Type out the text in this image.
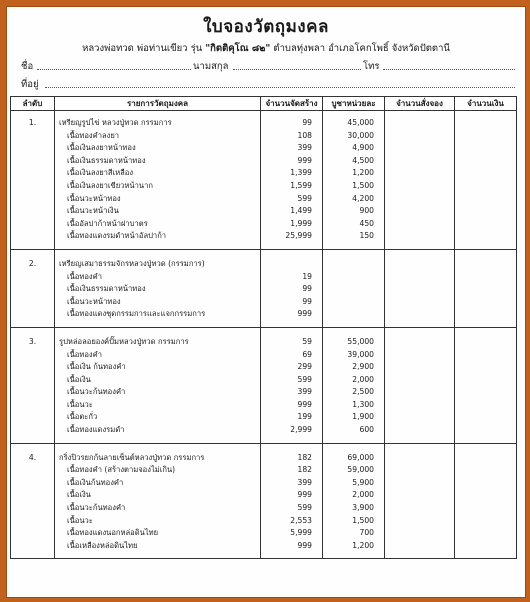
ใบจองวัตถุมงคล
หลวงพ่อทวด พ่อท่านเขียว รุ่น "กิตติคุโณ ๘๒" ตำบลทุ่งพลา อำเภอโคกโพธิ์ จังหวัดปัตตานี
ชื่อ	นามสกุล	โทร
ที่อยู่
ลำดับ	รายการวัตถุมงคล	จำนวนจัดสร้าง	บูชาหน่วยละ	จำนวนสั่งจอง	จำนวนเงิน

1.	เหรียญรูปไข่ หลวงปู่ทวด กรรมการ	99	45,000		
	เนื้อทองคำลงยา	108	30,000		
	เนื้อเงินลงยาหน้าทอง	399	4,900		
	เนื้อเงินธรรมดาหน้าทอง	999	4,500		
	เนื้อเงินลงยาสีเหลือง	1,399	1,200		
	เนื้อเงินลงยาเขียวหน้านาก	1,599	1,500		
	เนื้อนวะหน้าทอง	599	4,200		
	เนื้อนวะหน้าเงิน	1,499	900		
	เนื้ออัลปาก้าหน้าฝาบาตร	1,999	450		
	เนื้อทองแดงรมดำหน้าอัลปาก้า	25,999	150		

2.	เหรียญเสมาธรรมจักรหลวงปู่ทวด (กรรมการ)				
	เนื้อทองคำ	19			
	เนื้อเงินธรรมดาหน้าทอง	99			
	เนื้อนวะหน้าทอง	99			
	เนื้อทองแดงชุดกรรมการและแจกกรรมการ	999			

3.	รูปหล่อลอยองค์ปั๊มหลวงปู่ทวด กรรมการ	59	55,000		
	เนื้อทองคำ	69	39,000		
	เนื้อเงิน ก้นทองคำ	299	2,900		
	เนื้อเงิน	599	2,000		
	เนื้อนวะก้นทองคำ	399	2,500		
	เนื้อนวะ	999	1,300		
	เนื้อตะกั่ว	199	1,900		
	เนื้อทองแดงรมดำ	2,999	600		

4.	กริ่งปิวรยกก้นลายเซ็นต์หลวงปู่ทวด กรรมการ	182	69,000		
	เนื้อทองคำ (สร้างตามจองไม่เกิน)	182	59,000		
	เนื้อเงินก้นทองคำ	399	5,900		
	เนื้อเงิน	999	2,000		
	เนื้อนวะก้นทองคำ	599	3,900		
	เนื้อนวะ	2,553	1,500		
	เนื้อทองแดงนอกหล่อดินไทย	5,999	700		
	เนื้อเหลืองหล่อดินไทย	999	1,200		
